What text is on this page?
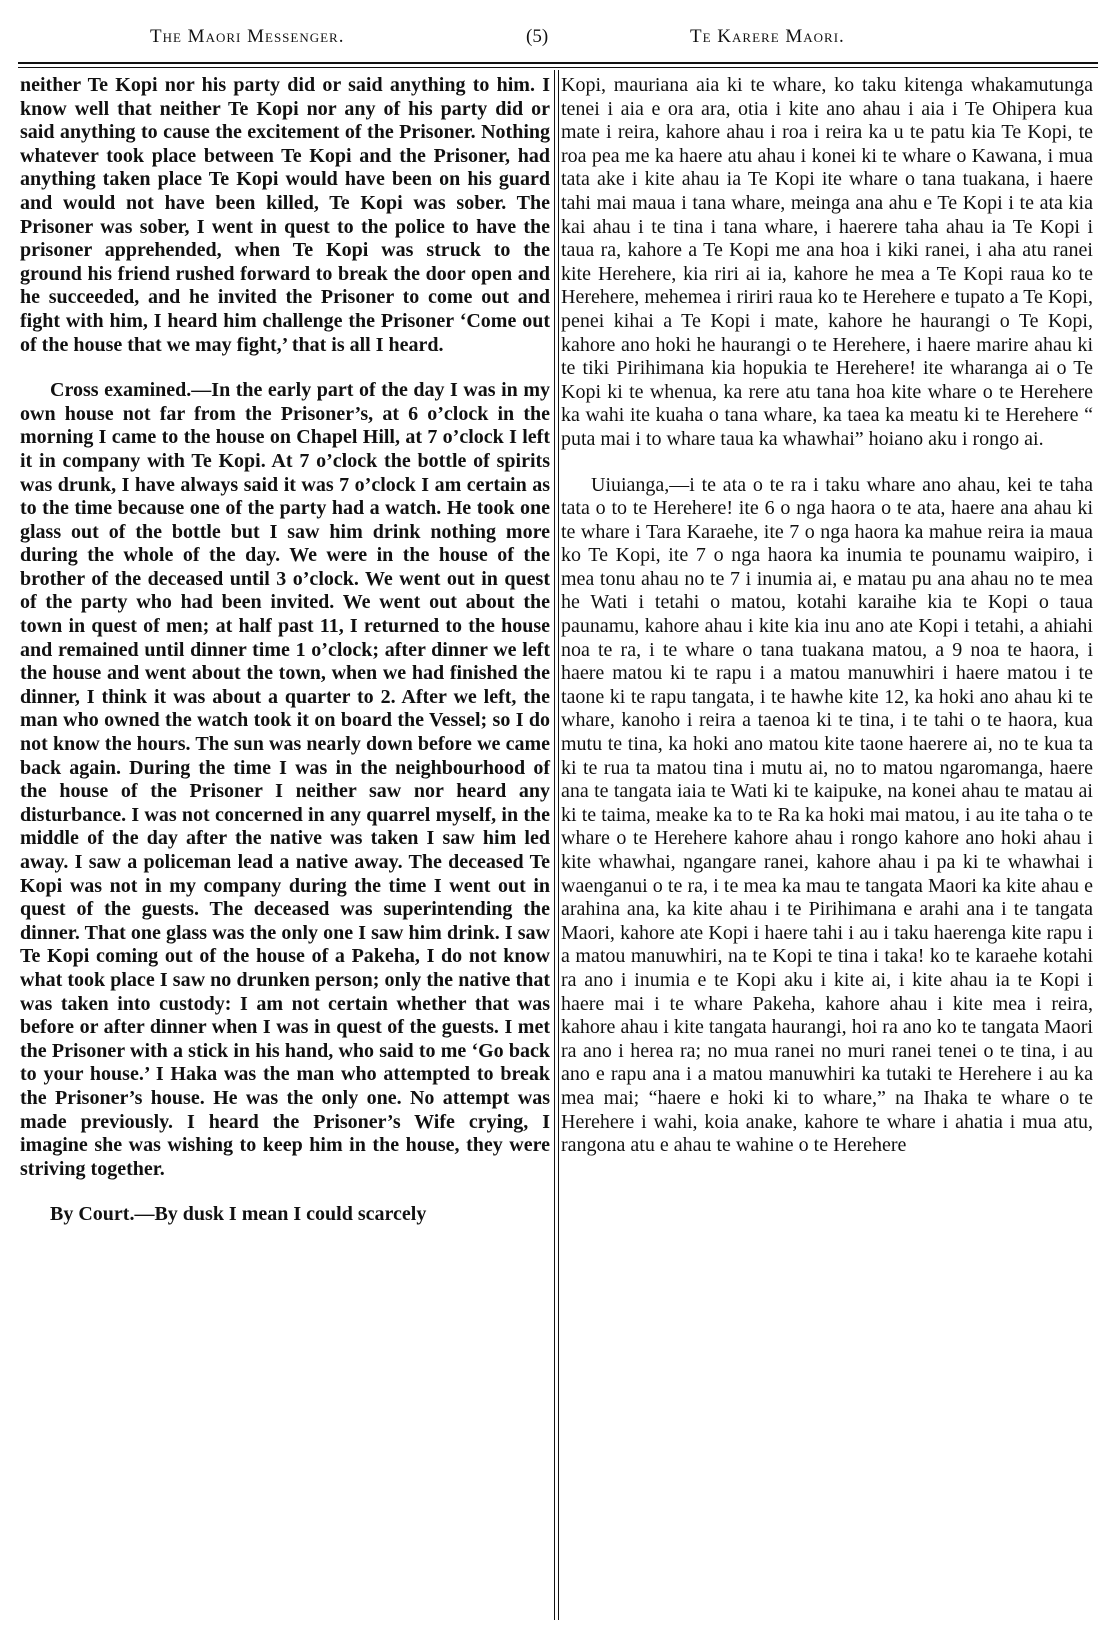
The Maori Messenger.	(5)	Te Karere Maori.

neither Te Kopi nor his party did or said anything to him. I know well that neither Te Kopi nor any of his party did or said anything to cause the excitement of the Prisoner. Nothing whatever took place between Te Kopi and the Prisoner, had anything taken place Te Kopi would have been on his guard and would not have been killed, Te Kopi was sober. The Prisoner was sober, I went in quest to the police to have the prisoner apprehended, when Te Kopi was struck to the ground his friend rushed forward to break the door open and he succeeded, and he invited the Prisoner to come out and fight with him, I heard him challenge the Prisoner ‘Come out of the house that we may fight,’ that is all I heard.

Cross examined.—In the early part of the day I was in my own house not far from the Prisoner’s, at 6 o’clock in the morning I came to the house on Chapel Hill, at 7 o’clock I left it in company with Te Kopi. At 7 o’clock the bottle of spirits was drunk, I have always said it was 7 o’clock I am certain as to the time because one of the party had a watch. He took one glass out of the bottle but I saw him drink nothing more during the whole of the day. We were in the house of the brother of the deceased until 3 o’clock. We went out in quest of the party who had been invited. We went out about the town in quest of men; at half past 11, I returned to the house and remained until dinner time 1 o’clock; after dinner we left the house and went about the town, when we had finished the dinner, I think it was about a quarter to 2. After we left, the man who owned the watch took it on board the Vessel; so I do not know the hours. The sun was nearly down before we came back again. During the time I was in the neighbourhood of the house of the Prisoner I neither saw nor heard any disturbance. I was not concerned in any quarrel myself, in the middle of the day after the native was taken I saw him led away. I saw a policeman lead a native away. The deceased Te Kopi was not in my company during the time I went out in quest of the guests. The deceased was superintending the dinner. That one glass was the only one I saw him drink. I saw Te Kopi coming out of the house of a Pakeha, I do not know what took place I saw no drunken person; only the native that was taken into custody: I am not certain whether that was before or after dinner when I was in quest of the guests. I met the Prisoner with a stick in his hand, who said to me ‘Go back to your house.’ I Haka was the man who attempted to break the Prisoner’s house. He was the only one. No attempt was made previously. I heard the Prisoner’s Wife crying, I imagine she was wishing to keep him in the house, they were striving together.

By Court.—By dusk I mean I could scarcely

Kopi, mauriana aia ki te whare, ko taku kitenga whakamutunga tenei i aia e ora ara, otia i kite ano ahau i aia i Te Ohipera kua mate i reira, kahore ahau i roa i reira ka u te patu kia Te Kopi, te roa pea me ka haere atu ahau i konei ki te whare o Kawana, i mua tata ake i kite ahau ia Te Kopi ite whare o tana tuakana, i haere tahi mai maua i tana whare, meinga ana ahu e Te Kopi i te ata kia kai ahau i te tina i tana whare, i haerere taha ahau ia Te Kopi i taua ra, kahore a Te Kopi me ana hoa i kiki ranei, i aha atu ranei kite Herehere, kia riri ai ia, kahore he mea a Te Kopi raua ko te Herehere, mehemea i ririri raua ko te Herehere e tupato a Te Kopi, penei kihai a Te Kopi i mate, kahore he haurangi o Te Kopi, kahore ano hoki he haurangi o te Herehere, i haere marire ahau ki te tiki Pirihimana kia hopukia te Herehere! ite wharanga ai o Te Kopi ki te whenua, ka rere atu tana hoa kite whare o te Herehere ka wahi ite kuaha o tana whare, ka taea ka meatu ki te Herehere “ puta mai i to whare taua ka whawhai” hoiano aku i rongo ai.

Uiuianga,—i te ata o te ra i taku whare ano ahau, kei te taha tata o to te Herehere! ite 6 o nga haora o te ata, haere ana ahau ki te whare i Tara Karaehe, ite 7 o nga haora ka mahue reira ia maua ko Te Kopi, ite 7 o nga haora ka inumia te pounamu waipiro, i mea tonu ahau no te 7 i inumia ai, e matau pu ana ahau no te mea he Wati i tetahi o matou, kotahi karaihe kia te Kopi o taua paunamu, kahore ahau i kite kia inu ano ate Kopi i tetahi, a ahiahi noa te ra, i te whare o tana tuakana matou, a 9 noa te haora, i haere matou ki te rapu i a matou manuwhiri i haere matou i te taone ki te rapu tangata, i te hawhe kite 12, ka hoki ano ahau ki te whare, kanoho i reira a taenoa ki te tina, i te tahi o te haora, kua mutu te tina, ka hoki ano matou kite taone haerere ai, no te kua ta ki te rua ta matou tina i mutu ai, no to matou ngaromanga, haere ana te tangata iaia te Wati ki te kaipuke, na konei ahau te matau ai ki te taima, meake ka to te Ra ka hoki mai matou, i au ite taha o te whare o te Herehere kahore ahau i rongo kahore ano hoki ahau i kite whawhai, ngangare ranei, kahore ahau i pa ki te whawhai i waenganui o te ra, i te mea ka mau te tangata Maori ka kite ahau e arahina ana, ka kite ahau i te Pirihimana e arahi ana i te tangata Maori, kahore ate Kopi i haere tahi i au i taku haerenga kite rapu i a matou manuwhiri, na te Kopi te tina i taka! ko te karaehe kotahi ra ano i inumia e te Kopi aku i kite ai, i kite ahau ia te Kopi i haere mai i te whare Pakeha, kahore ahau i kite mea i reira, kahore ahau i kite tangata haurangi, hoi ra ano ko te tangata Maori ra ano i herea ra; no mua ranei no muri ranei tenei o te tina, i au ano e rapu ana i a matou manuwhiri ka tutaki te Herehere i au ka mea mai; “haere e hoki ki to whare,” na Ihaka te whare o te Herehere i wahi, koia anake, kahore te whare i ahatia i mua atu, rangona atu e ahau te wahine o te Herehere
